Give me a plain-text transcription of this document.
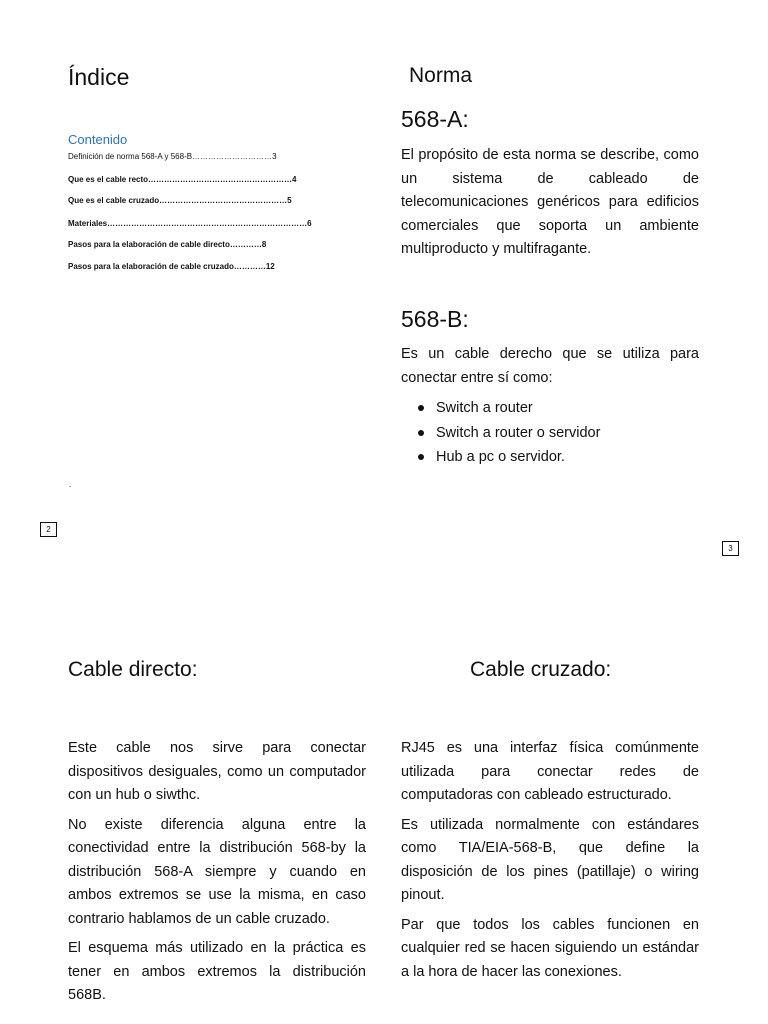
Índice
Contenido
Definición de norma 568-A y 568-B…………………………3
Que es el cable recto………………………………………………4
Que es el cable cruzado…………………………………………5
Materiales…………………………………………………………………6
Pasos para la elaboración de cable directo…………8
Pasos para la elaboración de cable cruzado…………12
.
2
Norma
568-A:

El propósito de esta norma se describe, como un sistema de cableado de telecomunicaciones genéricos para edificios comerciales que soporta un ambiente multiproducto y multifragante.

568-B:

Es un cable derecho que se utiliza para conectar entre sí como:

Switch a router
Switch a router o servidor
Hub a pc o servidor.
3
Cable directo:

Este cable nos sirve para conectar dispositivos desiguales, como un computador con un hub o siwthc.

No existe diferencia alguna entre la conectividad entre la distribución 568-by la distribución 568-A siempre y cuando en ambos extremos se use la misma, en caso contrario hablamos de un cable cruzado.

El esquema más utilizado en la práctica es tener en ambos extremos la distribución 568B.

Cable cruzado:

RJ45 es una interfaz física comúnmente utilizada para conectar redes de computadoras con cableado estructurado.

Es utilizada normalmente con estándares como TIA/EIA-568-B, que define la disposición de los pines (patillaje) o wiring pinout.

Par que todos los cables funcionen en cualquier red se hacen siguiendo un estándar a la hora de hacer las conexiones.
